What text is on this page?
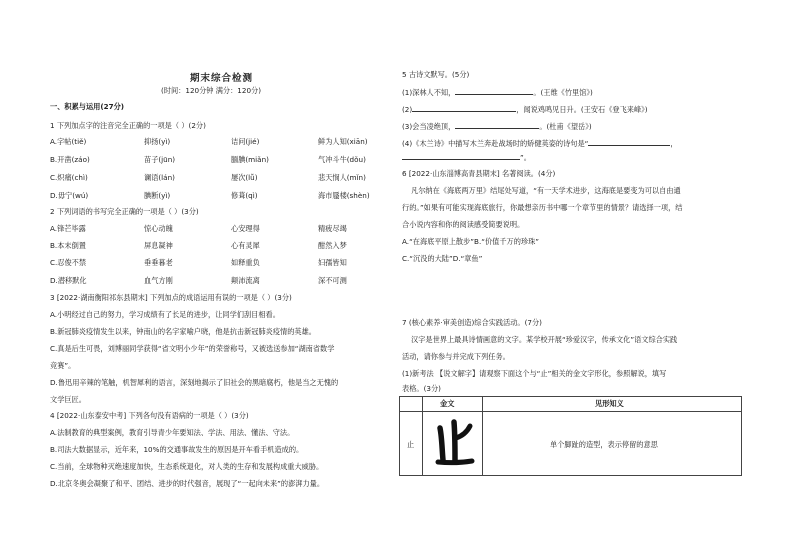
期末综合检测
(时间：120分钟 满分：120分)
一、积累与运用(27分)
1 下列加点字的注音完全正确的一项是（ ）(2分)
A.字帖(tiě)	抑扬(yì)	诘问(jié)	鲜为人知(xiān)
B.开凿(záo)	苗子(jūn)	腼腆(miǎn)	气冲斗牛(dǒu)
C.炽痛(chì)	谰语(lán)	屡次(lǚ)	悲天悯人(mǐn)
D.毋宁(wú)	腆断(yì)	修葺(qì)	海市蜃楼(shèn)
2 下列词语的书写完全正确的一项是（ ）(3分)
A.锋芒毕露	惊心动魄	心安理得	精疲尽竭
B.本末倒置	屏息凝神	心有灵犀	酣然入梦
C.忍俊不禁	垂垂暮老	如释重负	妇孺皆知
D.潜移默化	血气方刚	颠沛流离	深不可测
3 [2022·湖南衡阳祁东县期末] 下列加点的成语运用有误的一项是（ ）(3分)
A.小明经过自己的努力，学习成绩有了长足的进步，让同学们刮目相看。
B.新冠肺炎疫情发生以来，钟南山的名字家喻户晓，他是抗击新冠肺炎疫情的英雄。
C.真是后生可畏，刘博丽同学获得“省文明小少年”的荣誉称号，又被选送参加“湖南省数学
竞赛”。
D.鲁迅用辛辣的笔触，机智犀利的语言，深刻地揭示了旧社会的黑暗腐朽，他是当之无愧的
文学巨匠。
4 [2022·山东泰安中考] 下列各句没有语病的一项是（ ）(3分)
A.法制教育的典型案例，教育引导青少年要知法、学法、用法、懂法、守法。
B.司法大数据显示，近年来，10%的交通事故发生的原因是开车看手机造成的。
C.当前，全球物种灭绝速度加快，生态系统退化，对人类的生存和发展构成重大威胁。
D.北京冬奥会凝聚了和平、团结、进步的时代强音，展现了“一起向未来”的澎湃力量。
5 古诗文默写。(5分)
(1)深林人不知，	。(王维《竹里馆》)
(2)	，闻说鸡鸣见日升。(王安石《登飞来峰》)
(3)会当凌绝顶，	。(杜甫《望岳》)
(4)《木兰诗》中描写木兰奔赴战场时的矫健英姿的诗句是“	，
”。
6 [2022·山东淄博高青县期末] 名著阅读。(4分)
凡尔纳在《海底两万里》结尾处写道，“有一天学术进步，这海底是要变为可以自由通
行的。”如果有可能实现海底旅行，你最想亲历书中哪一个章节里的情景？请选择一项，结
合小说内容和你的阅读感受简要说明。
A.“在海底平原上散步”B.“价值千万的珍珠”
C.“沉没的大陆”D.“章鱼”
7 (核心素养·审美创造)综合实践活动。(7分)
汉字是世界上最具诗情画意的文字。某学校开展“珍爱汉字，传承文化”语文综合实践
活动，请你参与并完成下列任务。
(1)新考法 【说文解字】请观察下面这个与“止”相关的金文字形化，参照解说，填写
表格。(3分)
金文	见形知义
止	单个脚趾的造型，表示停留的意思
